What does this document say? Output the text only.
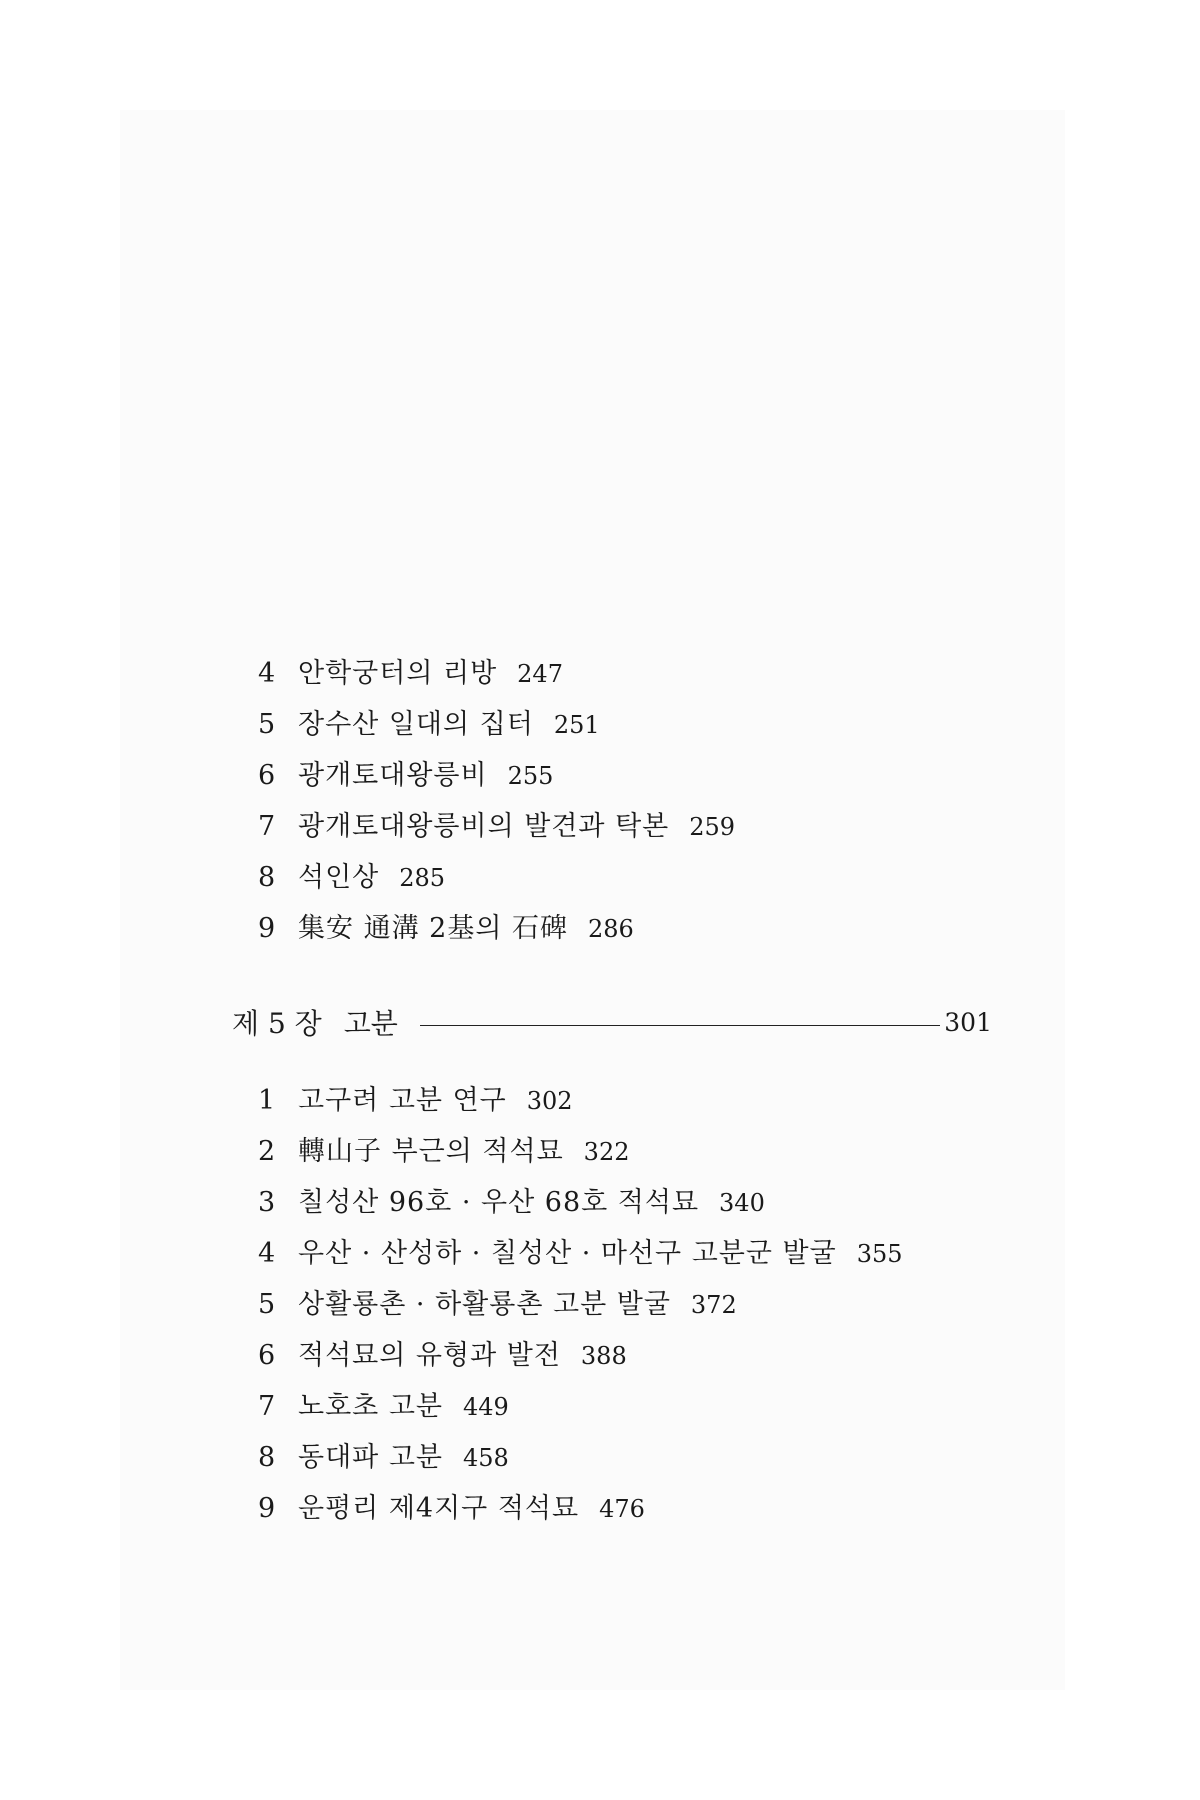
4 안학궁터의 리방 247
5 장수산 일대의 집터 251
6 광개토대왕릉비 255
7 광개토대왕릉비의 발견과 탁본 259
8 석인상 285
9 集安 通溝 2基의 石碑 286
제 5 장 고분	301
1 고구려 고분 연구 302
2 轉山子 부근의 적석묘 322
3 칠성산 96호 · 우산 68호 적석묘 340
4 우산 · 산성하 · 칠성산 · 마선구 고분군 발굴 355
5 상활룡촌 · 하활룡촌 고분 발굴 372
6 적석묘의 유형과 발전 388
7 노호초 고분 449
8 동대파 고분 458
9 운평리 제4지구 적석묘 476
